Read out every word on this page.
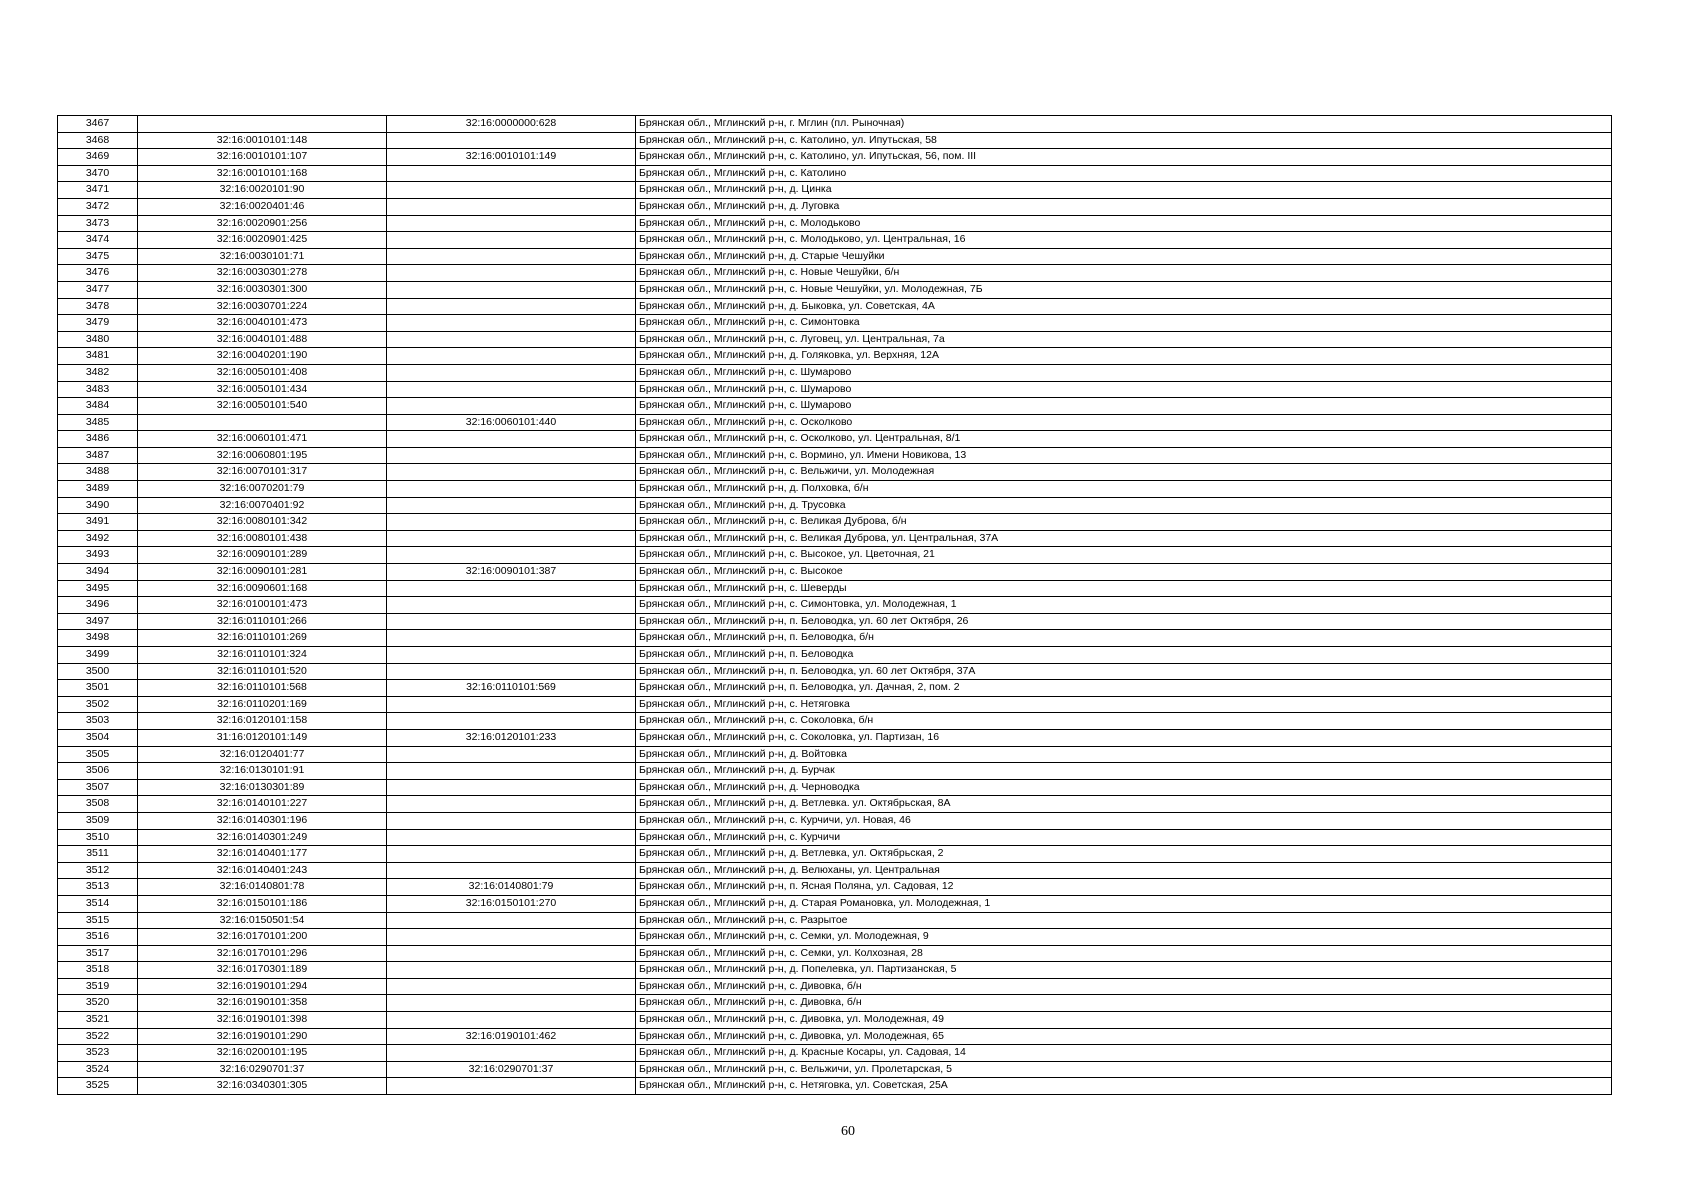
3467		32:16:0000000:628	Брянская обл., Мглинский р-н, г. Мглин (пл. Рыночная)
3468	32:16:0010101:148		Брянская обл., Мглинский р-н, с. Католино, ул. Ипутьская, 58
3469	32:16:0010101:107	32:16:0010101:149	Брянская обл., Мглинский р-н, с. Католино, ул. Ипутьская, 56, пом. III
3470	32:16:0010101:168		Брянская обл., Мглинский р-н, с. Католино
3471	32:16:0020101:90		Брянская обл., Мглинский р-н, д. Цинка
3472	32:16:0020401:46		Брянская обл., Мглинский р-н, д. Луговка
3473	32:16:0020901:256		Брянская обл., Мглинский р-н, с. Молодьково
3474	32:16:0020901:425		Брянская обл., Мглинский р-н, с. Молодьково, ул. Центральная, 16
3475	32:16:0030101:71		Брянская обл., Мглинский р-н, д. Старые Чешуйки
3476	32:16:0030301:278		Брянская обл., Мглинский р-н, с. Новые Чешуйки, б/н
3477	32:16:0030301:300		Брянская обл., Мглинский р-н, с. Новые Чешуйки, ул. Молодежная, 7Б
3478	32:16:0030701:224		Брянская обл., Мглинский р-н, д. Быковка, ул. Советская, 4А
3479	32:16:0040101:473		Брянская обл., Мглинский р-н, с. Симонтовка
3480	32:16:0040101:488		Брянская обл., Мглинский р-н, с. Луговец, ул. Центральная, 7а
3481	32:16:0040201:190		Брянская обл., Мглинский р-н, д. Голяковка, ул. Верхняя, 12А
3482	32:16:0050101:408		Брянская обл., Мглинский р-н, с. Шумарово
3483	32:16:0050101:434		Брянская обл., Мглинский р-н, с. Шумарово
3484	32:16:0050101:540		Брянская обл., Мглинский р-н, с. Шумарово
3485		32:16:0060101:440	Брянская обл., Мглинский р-н, с. Осколково
3486	32:16:0060101:471		Брянская обл., Мглинский р-н, с. Осколково, ул. Центральная, 8/1
3487	32:16:0060801:195		Брянская обл., Мглинский р-н, с. Вормино, ул. Имени Новикова, 13
3488	32:16:0070101:317		Брянская обл., Мглинский р-н, с. Вельжичи, ул. Молодежная
3489	32:16:0070201:79		Брянская обл., Мглинский р-н, д. Полховка, б/н
3490	32:16:0070401:92		Брянская обл., Мглинский р-н, д. Трусовка
3491	32:16:0080101:342		Брянская обл., Мглинский р-н, с. Великая Дуброва, б/н
3492	32:16:0080101:438		Брянская обл., Мглинский р-н, с. Великая Дуброва, ул. Центральная, 37А
3493	32:16:0090101:289		Брянская обл., Мглинский р-н, с. Высокое, ул. Цветочная, 21
3494	32:16:0090101:281	32:16:0090101:387	Брянская обл., Мглинский р-н, с. Высокое
3495	32:16:0090601:168		Брянская обл., Мглинский р-н, с. Шеверды
3496	32:16:0100101:473		Брянская обл., Мглинский р-н, с. Симонтовка, ул. Молодежная, 1
3497	32:16:0110101:266		Брянская обл., Мглинский р-н, п. Беловодка, ул. 60 лет Октября, 26
3498	32:16:0110101:269		Брянская обл., Мглинский р-н, п. Беловодка, б/н
3499	32:16:0110101:324		Брянская обл., Мглинский р-н, п. Беловодка
3500	32:16:0110101:520		Брянская обл., Мглинский р-н, п. Беловодка, ул. 60 лет Октября, 37А
3501	32:16:0110101:568	32:16:0110101:569	Брянская обл., Мглинский р-н, п. Беловодка, ул. Дачная, 2, пом. 2
3502	32:16:0110201:169		Брянская обл., Мглинский р-н, с. Нетяговка
3503	32:16:0120101:158		Брянская обл., Мглинский р-н, с. Соколовка, б/н
3504	31:16:0120101:149	32:16:0120101:233	Брянская обл., Мглинский р-н, с. Соколовка, ул. Партизан, 16
3505	32:16:0120401:77		Брянская обл., Мглинский р-н, д. Войтовка
3506	32:16:0130101:91		Брянская обл., Мглинский р-н, д. Бурчак
3507	32:16:0130301:89		Брянская обл., Мглинский р-н, д. Черноводка
3508	32:16:0140101:227		Брянская обл., Мглинский р-н, д. Ветлевка. ул. Октябрьская, 8А
3509	32:16:0140301:196		Брянская обл., Мглинский р-н, с. Курчичи, ул. Новая, 46
3510	32:16:0140301:249		Брянская обл., Мглинский р-н, с. Курчичи
3511	32:16:0140401:177		Брянская обл., Мглинский р-н, д. Ветлевка, ул. Октябрьская, 2
3512	32:16:0140401:243		Брянская обл., Мглинский р-н, д. Велюханы, ул. Центральная
3513	32:16:0140801:78	32:16:0140801:79	Брянская обл., Мглинский р-н, п. Ясная Поляна, ул. Садовая, 12
3514	32:16:0150101:186	32:16:0150101:270	Брянская обл., Мглинский р-н, д. Старая Романовка, ул. Молодежная, 1
3515	32:16:0150501:54		Брянская обл., Мглинский р-н, с. Разрытое
3516	32:16:0170101:200		Брянская обл., Мглинский р-н, с. Семки, ул. Молодежная, 9
3517	32:16:0170101:296		Брянская обл., Мглинский р-н, с. Семки, ул. Колхозная, 28
3518	32:16:0170301:189		Брянская обл., Мглинский р-н, д. Попелевка, ул. Партизанская, 5
3519	32:16:0190101:294		Брянская обл., Мглинский р-н, с. Дивовка, б/н
3520	32:16:0190101:358		Брянская обл., Мглинский р-н, с. Дивовка, б/н
3521	32:16:0190101:398		Брянская обл., Мглинский р-н, с. Дивовка, ул. Молодежная, 49
3522	32:16:0190101:290	32:16:0190101:462	Брянская обл., Мглинский р-н, с. Дивовка, ул. Молодежная, 65
3523	32:16:0200101:195		Брянская обл., Мглинский р-н, д. Красные Косары, ул. Садовая, 14
3524	32:16:0290701:37	32:16:0290701:37	Брянская обл., Мглинский р-н, с. Вельжичи, ул. Пролетарская, 5
3525	32:16:0340301:305		Брянская обл., Мглинский р-н, с. Нетяговка, ул. Советская, 25А
60
